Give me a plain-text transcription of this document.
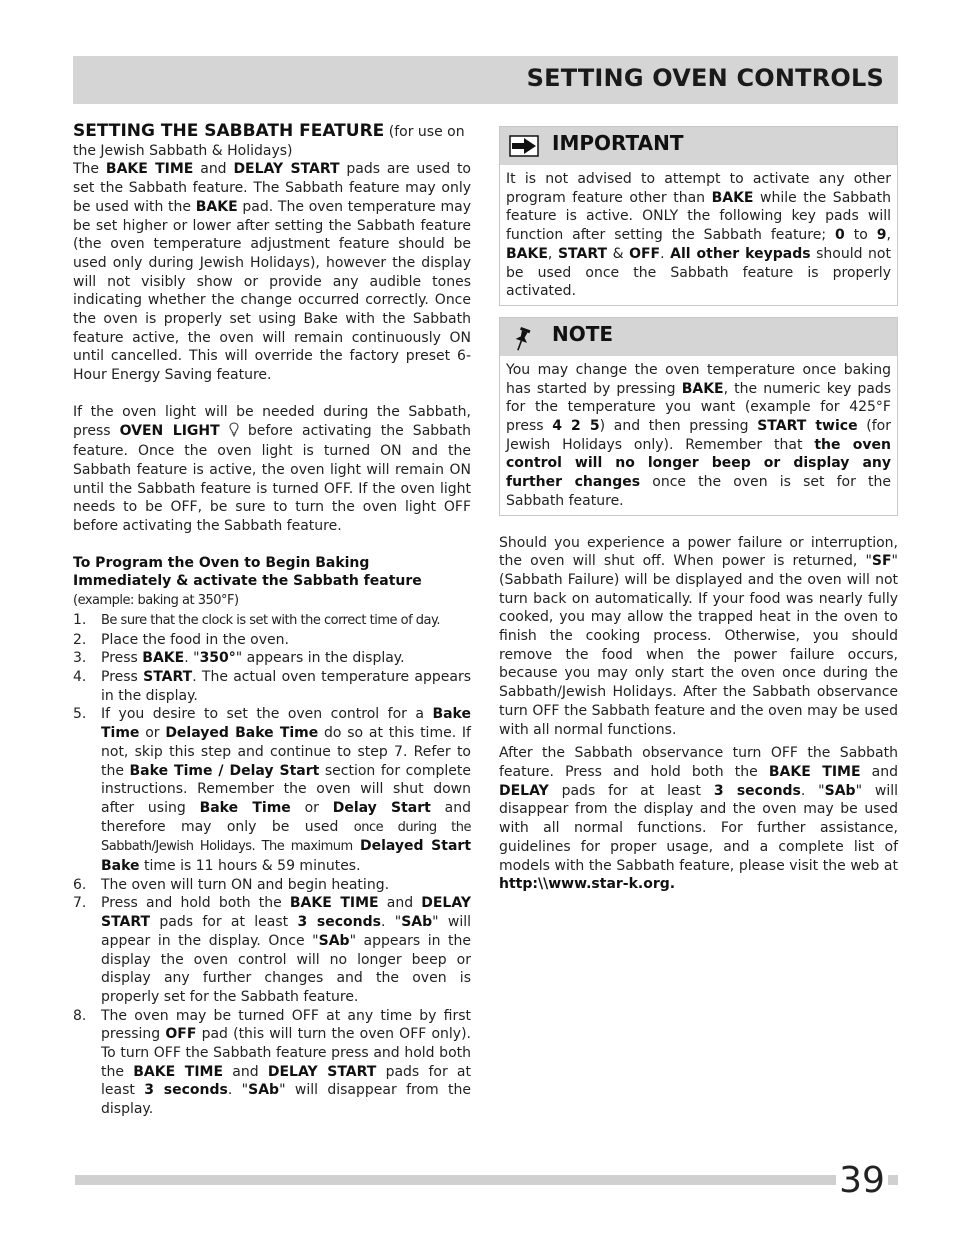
SETTING OVEN CONTROLS

SETTING THE SABBATH FEATURE (for use on
the Jewish Sabbath & Holidays)

The BAKE TIME and DELAY START pads are used to set the Sabbath feature. The Sabbath feature may only be used with the BAKE pad. The oven temperature may be set higher or lower after setting the Sabbath feature (the oven temperature adjustment feature should be used only during Jewish Holidays), however the display will not visibly show or provide any audible tones indicating whether the change occurred correctly. Once the oven is properly set using Bake with the Sabbath feature active, the oven will remain continuously ON until cancelled. This will override the factory preset 6-Hour Energy Saving feature.

If the oven light will be needed during the Sabbath, press OVEN LIGHT  before activating the Sabbath feature. Once the oven light is turned ON and the Sabbath feature is active, the oven light will remain ON until the Sabbath feature is turned OFF. If the oven light needs to be OFF, be sure to turn the oven light OFF before activating the Sabbath feature.

To Program the Oven to Begin Baking Immediately & activate the Sabbath feature (example: baking at 350°F)

1. Be sure that the clock is set with the correct time of day.
2. Place the food in the oven.
3. Press BAKE. "350°" appears in the display.
4. Press START. The actual oven temperature appears in the display.
5. If you desire to set the oven control for a Bake Time or Delayed Bake Time do so at this time. If not, skip this step and continue to step 7. Refer to the Bake Time / Delay Start section for complete instructions. Remember the oven will shut down after using Bake Time or Delay Start and therefore may only be used once during the Sabbath/Jewish Holidays. The maximum Delayed Start Bake time is 11 hours & 59 minutes.
6. The oven will turn ON and begin heating.
7. Press and hold both the BAKE TIME and DELAY START pads for at least 3 seconds. "SAb" will appear in the display. Once "SAb" appears in the display the oven control will no longer beep or display any further changes and the oven is properly set for the Sabbath feature.
8. The oven may be turned OFF at any time by first pressing OFF pad (this will turn the oven OFF only). To turn OFF the Sabbath feature press and hold both the BAKE TIME and DELAY START pads for at least 3 seconds. "SAb" will disappear from the display.
IMPORTANT
It is not advised to attempt to activate any other program feature other than BAKE while the Sabbath feature is active. ONLY the following key pads will function after setting the Sabbath feature; 0 to 9, BAKE, START & OFF. All other keypads should not be used once the Sabbath feature is properly activated.
NOTE
You may change the oven temperature once baking has started by pressing BAKE, the numeric key pads for the temperature you want (example for 425°F press 4 2 5) and then pressing START twice (for Jewish Holidays only). Remember that the oven control will no longer beep or display any further changes once the oven is set for the Sabbath feature.

Should you experience a power failure or interruption, the oven will shut off. When power is returned, "SF" (Sabbath Failure) will be displayed and the oven will not turn back on automatically. If your food was nearly fully cooked, you may allow the trapped heat in the oven to finish the cooking process. Otherwise, you should remove the food when the power failure occurs, because you may only start the oven once during the Sabbath/Jewish Holidays. After the Sabbath observance turn OFF the Sabbath feature and the oven may be used with all normal functions.

After the Sabbath observance turn OFF the Sabbath feature. Press and hold both the BAKE TIME and DELAY pads for at least 3 seconds. "SAb" will disappear from the display and the oven may be used with all normal functions. For further assistance, guidelines for proper usage, and a complete list of models with the Sabbath feature, please visit the web at http:\\www.star-k.org.

39
